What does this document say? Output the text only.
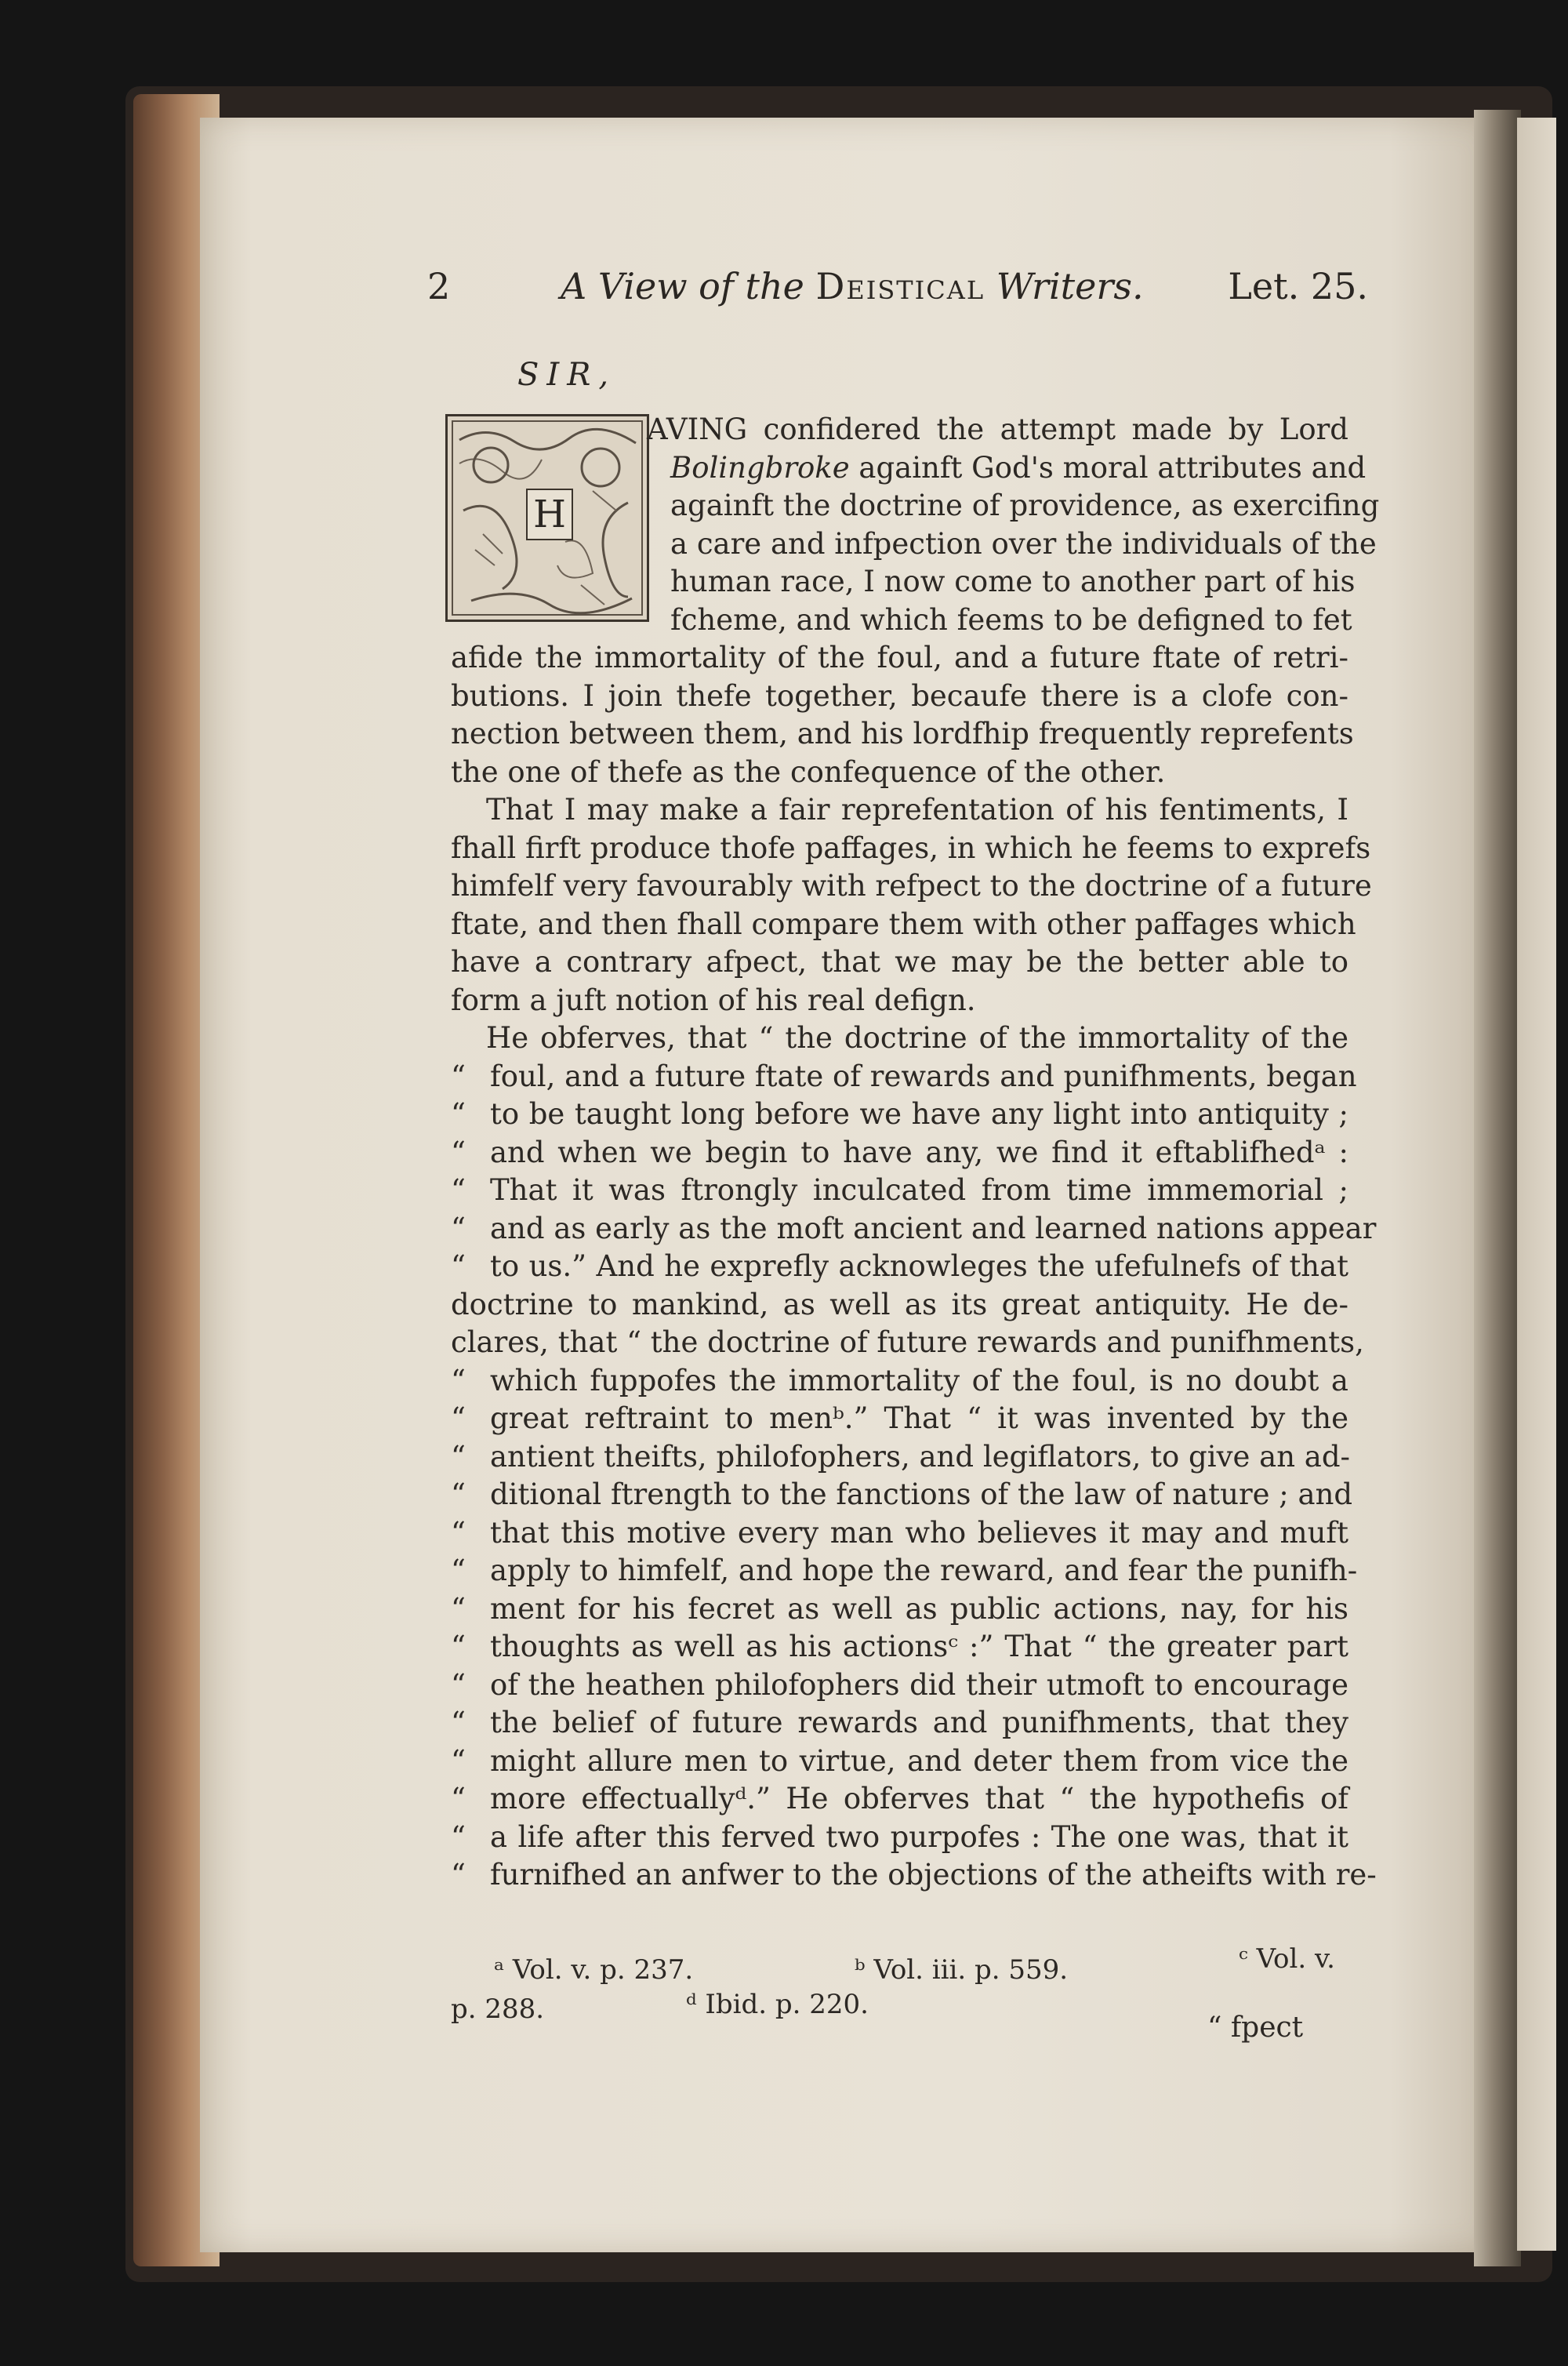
2	A View of the Deistical Writers. Let. 25.
SIR,
H
AVING confidered the attempt made by Lord
Bolingbroke againft God's moral attributes and
againft the doctrine of providence, as exercifing
a care and infpection over the individuals of the
human race, I now come to another part of his
fcheme, and which feems to be defigned to fet
afide the immortality of the foul, and a future ftate of retri-
butions. I join thefe together, becaufe there is a clofe con-
nection between them, and his lordfhip frequently reprefents
the one of thefe as the confequence of the other.
That I may make a fair reprefentation of his fentiments, I
fhall firft produce thofe paffages, in which he feems to exprefs
himfelf very favourably with refpect to the doctrine of a future
ftate, and then fhall compare them with other paffages which
have a contrary afpect, that we may be the better able to
form a juft notion of his real defign.
He obferves, that “ the doctrine of the immortality of the
“ foul, and a future ftate of rewards and punifhments, began
“ to be taught long before we have any light into antiquity ;
“ and when we begin to have any, we find it eftablifhedᵃ :
“ That it was ftrongly inculcated from time immemorial ;
“ and as early as the moft ancient and learned nations appear
“ to us.” And he exprefly acknowleges the ufefulnefs of that
doctrine to mankind, as well as its great antiquity. He de-
clares, that “ the doctrine of future rewards and punifhments,
“ which fuppofes the immortality of the foul, is no doubt a
“ great reftraint to menᵇ.” That “ it was invented by the
“ antient theifts, philofophers, and legiflators, to give an ad-
“ ditional ftrength to the fanctions of the law of nature ; and
“ that this motive every man who believes it may and muft
“ apply to himfelf, and hope the reward, and fear the punifh-
“ ment for his fecret as well as public actions, nay, for his
“ thoughts as well as his actionsᶜ :” That “ the greater part
“ of the heathen philofophers did their utmoft to encourage
“ the belief of future rewards and punifhments, that they
“ might allure men to virtue, and deter them from vice the
“ more effectuallyᵈ.” He obferves that “ the hypothefis of
“ a life after this ferved two purpofes : The one was, that it
“ furnifhed an anfwer to the objections of the atheifts with re-
ᵃ Vol. v. p. 237.	ᵇ Vol. iii. p. 559.	ᶜ Vol. v.
p. 288.	ᵈ Ibid. p. 220.
“ fpect
